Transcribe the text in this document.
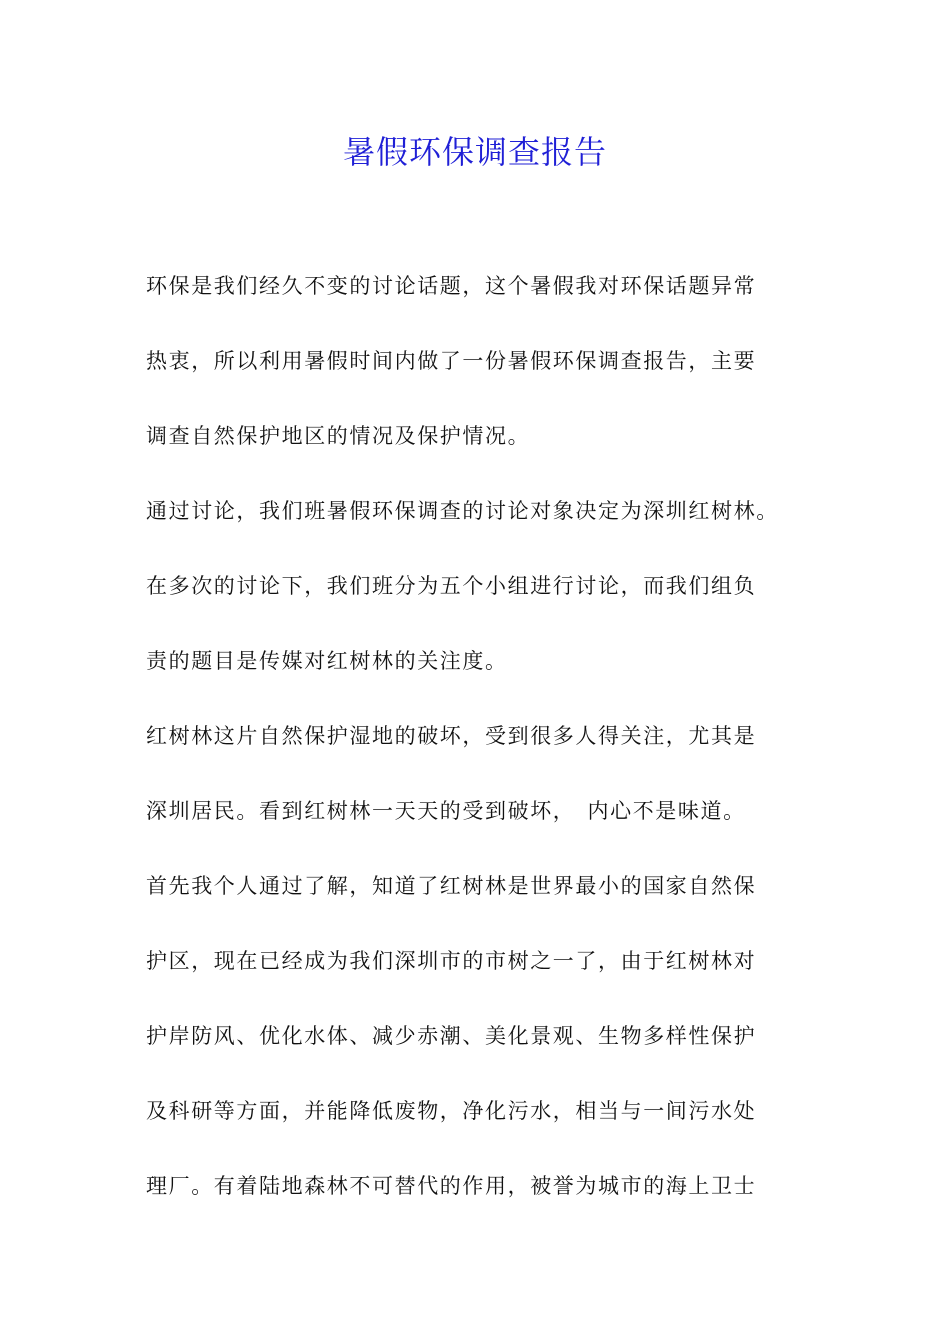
暑假环保调查报告
环保是我们经久不变的讨论话题，这个暑假我对环保话题异常
热衷，所以利用暑假时间内做了一份暑假环保调查报告，主要
调查自然保护地区的情况及保护情况。
通过讨论，我们班暑假环保调查的讨论对象决定为深圳红树林。
在多次的讨论下，我们班分为五个小组进行讨论，而我们组负
责的题目是传媒对红树林的关注度。
红树林这片自然保护湿地的破坏，受到很多人得关注，尤其是
深圳居民。看到红树林一天天的受到破坏，　内心不是味道。
首先我个人通过了解，知道了红树林是世界最小的国家自然保
护区，现在已经成为我们深圳市的市树之一了，由于红树林对
护岸防风、优化水体、减少赤潮、美化景观、生物多样性保护
及科研等方面，并能降低废物，净化污水，相当与一间污水处
理厂。有着陆地森林不可替代的作用，被誉为城市的海上卫士
